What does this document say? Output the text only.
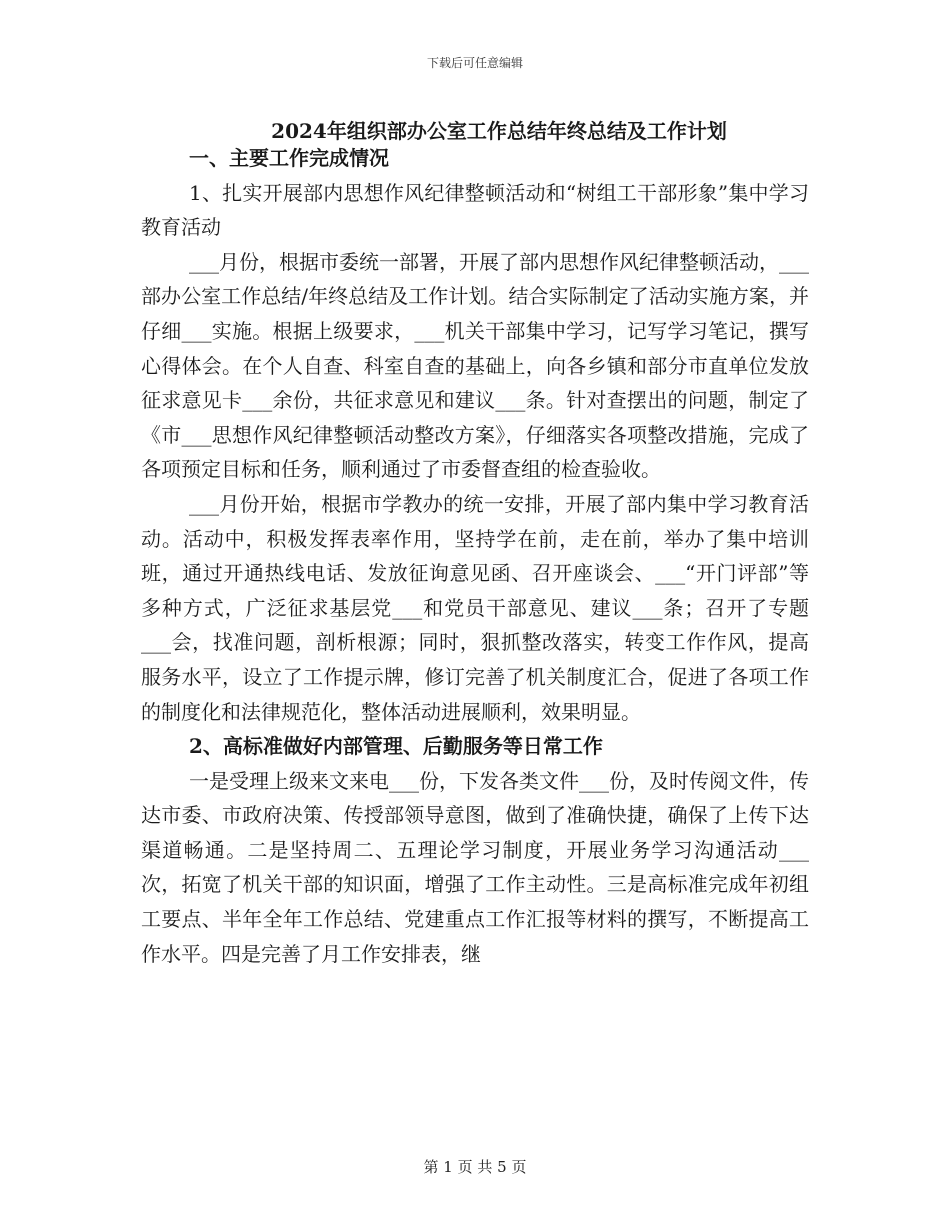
下载后可任意编辑
2024年组织部办公室工作总结年终总结及工作计划

一、主要工作完成情况

1、扎实开展部内思想作风纪律整顿活动和“树组工干部形象”集中学习教育活动

___月份，根据市委统一部署，开展了部内思想作风纪律整顿活动，___部办公室工作总结/年终总结及工作计划。结合实际制定了活动实施方案，并仔细___实施。根据上级要求，___机关干部集中学习，记写学习笔记，撰写心得体会。在个人自查、科室自查的基础上，向各乡镇和部分市直单位发放征求意见卡___余份，共征求意见和建议___条。针对查摆出的问题，制定了《市___思想作风纪律整顿活动整改方案》，仔细落实各项整改措施，完成了各项预定目标和任务，顺利通过了市委督查组的检查验收。

___月份开始，根据市学教办的统一安排，开展了部内集中学习教育活动。活动中，积极发挥表率作用，坚持学在前，走在前，举办了集中培训班，通过开通热线电话、发放征询意见函、召开座谈会、___“开门评部”等多种方式，广泛征求基层党___和党员干部意见、建议___条；召开了专题___会，找准问题，剖析根源；同时，狠抓整改落实，转变工作作风，提高服务水平，设立了工作提示牌，修订完善了机关制度汇合，促进了各项工作的制度化和法律规范化，整体活动进展顺利，效果明显。

2、高标准做好内部管理、后勤服务等日常工作

一是受理上级来文来电___份，下发各类文件___份，及时传阅文件，传达市委、市政府决策、传授部领导意图，做到了准确快捷，确保了上传下达渠道畅通。二是坚持周二、五理论学习制度，开展业务学习沟通活动___次，拓宽了机关干部的知识面，增强了工作主动性。三是高标准完成年初组工要点、半年全年工作总结、党建重点工作汇报等材料的撰写，不断提高工作水平。四是完善了月工作安排表，继

第 1 页 共 5 页
